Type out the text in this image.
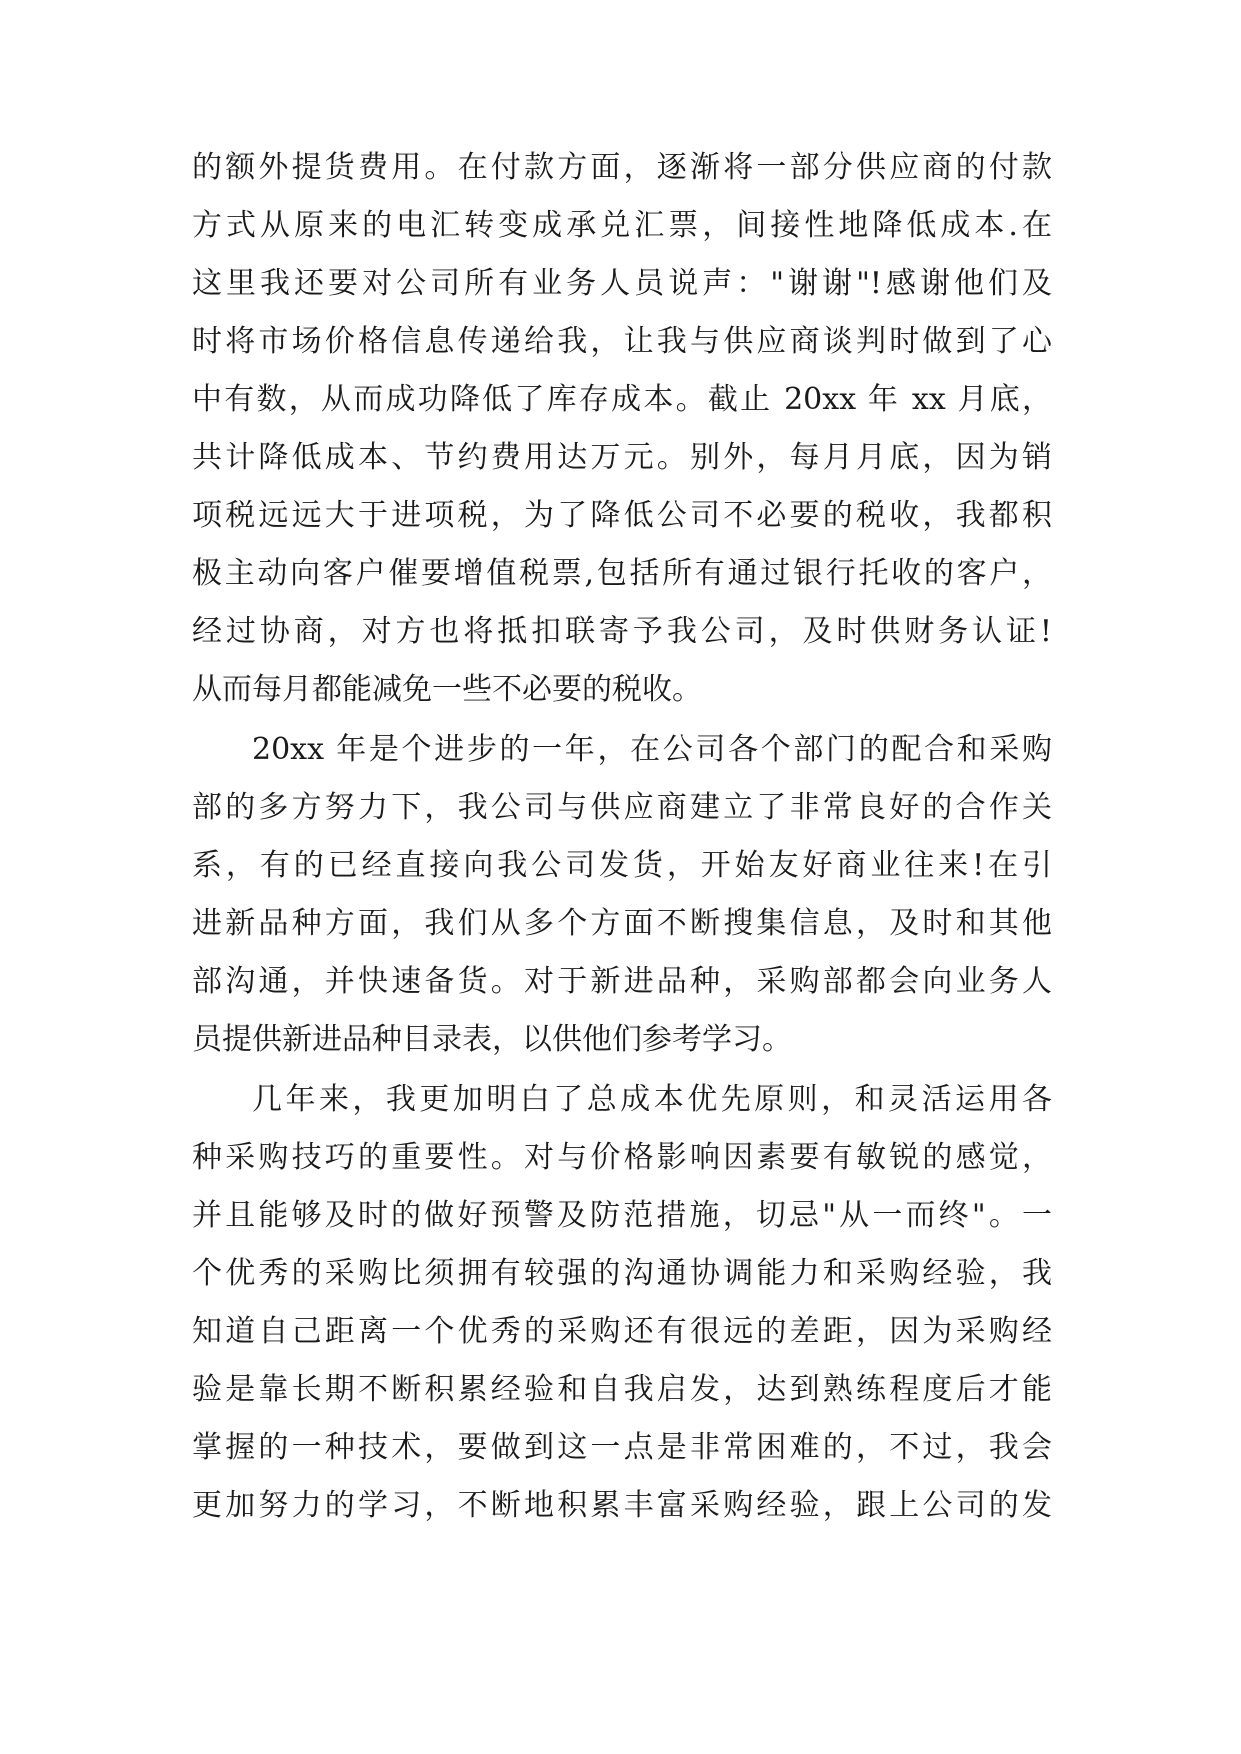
的额外提货费用。在付款方面，逐渐将一部分供应商的付款
方式从原来的电汇转变成承兑汇票，间接性地降低成本.在
这里我还要对公司所有业务人员说声："谢谢"!感谢他们及
时将市场价格信息传递给我，让我与供应商谈判时做到了心
中有数，从而成功降低了库存成本。截止 20xx 年 xx 月底，
共计降低成本、节约费用达万元。别外，每月月底，因为销
项税远远大于进项税，为了降低公司不必要的税收，我都积
极主动向客户催要增值税票,包括所有通过银行托收的客户，
经过协商，对方也将抵扣联寄予我公司，及时供财务认证!
从而每月都能减免一些不必要的税收。
20xx 年是个进步的一年，在公司各个部门的配合和采购
部的多方努力下，我公司与供应商建立了非常良好的合作关
系，有的已经直接向我公司发货，开始友好商业往来!在引
进新品种方面，我们从多个方面不断搜集信息，及时和其他
部沟通，并快速备货。对于新进品种，采购部都会向业务人
员提供新进品种目录表，以供他们参考学习。
几年来，我更加明白了总成本优先原则，和灵活运用各
种采购技巧的重要性。对与价格影响因素要有敏锐的感觉，
并且能够及时的做好预警及防范措施，切忌"从一而终"。一
个优秀的采购比须拥有较强的沟通协调能力和采购经验，我
知道自己距离一个优秀的采购还有很远的差距，因为采购经
验是靠长期不断积累经验和自我启发，达到熟练程度后才能
掌握的一种技术，要做到这一点是非常困难的，不过，我会
更加努力的学习，不断地积累丰富采购经验，跟上公司的发
